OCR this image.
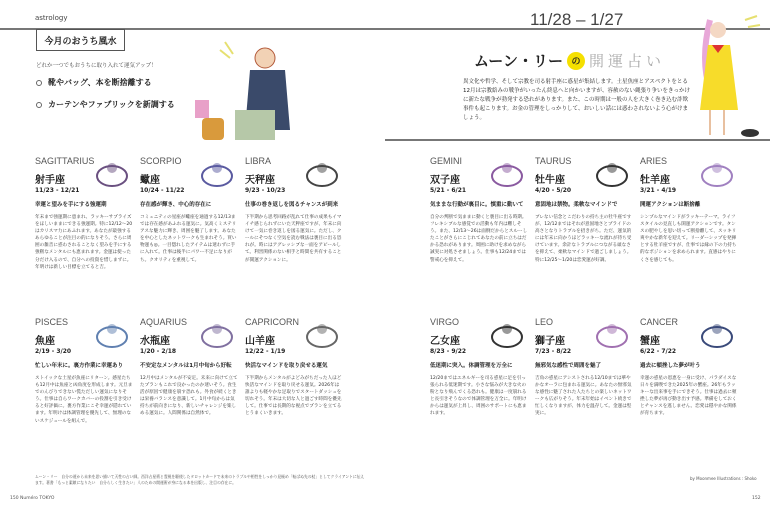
astrology
今月のおうち風水
どれか一つでもおうちに取り入れて運気アップ！
靴やバッグ、本を断捨離する
カーテンやファブリックを新調する
11/28 – 1/27
ムーン・リー の 開運占い
異文化や哲学、そして宗教を司る射手座に惑星が集結します。土星魚座とアスペクトをとる12月は宗教絡みの戦争がいったん終息へと向かいますが、容赦のない縄張り争いをきっかけに新たな戦争が勃発する恐れがあります。また、この時期は一般の人を大きく巻き込む詐欺事件も起こります。お金の管理をしっかりして、おいしい話には惑わされないよう心がけましょう。
SAGITTARIUS
射手座
11/23 - 12/21
幸運と望みを手にする強運期
年末まで強運期に恵まれ、ラッキーサプライズをほしいままにできる強運期。特に12/12〜20はカリスマ力にあふれます。あなたが最強するあらゆることが注目の的になりそう。さらに周囲の雑音に惑わされることなく望みを手にする強靭なメンタルにも恵まれます。金運は使った分だけ入るので、自分への投資を惜しまずに。年明けは新しい目標を立てると吉。
SCORPIO
蠍座
10/24 - 11/22
存在感が輝き、中心的存在に
コミュニティの星座が蠍座を通過する12/13までは存在感があふれる運気に。気高くミステリアスな魅力に輝き、周囲を魅了します。あなたを中心としたネットワークも生まれそう。買い物運も◎。一目惚れしたアイテムは迷わずに手に入れて。仕事は後半にパワー不足になりがち。クオリティを重視して。
LIBRA
天秤座
9/23 - 10/23
仕事の巻き返しを図るチャンスが到来
下半期から思考回路が乱れて仕事の成果もイマイチ感じられずにいた天秤座ですが、年末に向けて一気に巻き返しを図る運気に。ただし、クールにそつなく空気を読む戦法は裏目に出る恐れが。時にはアグレッシブな一面をアピールして。利害関係のない相手と時間を共有することが開運アクションに。
GEMINI
双子座
5/21 - 6/21
気ままな行動が裏目に。慎重に動いて
自分の判断で気ままに動くと裏目に出る時期。フレキシブルな感覚での活動も年内は難しそう。また、12/13〜26は面倒だからとスルーしたことがさらにこじれてあなたの前に立ちはだかる恐れがあります。周囲に助けを求めながら誠実に対処させましょう。仕事も12/24までは警戒心を抑えて。
TAURUS
牡牛座
4/20 - 5/20
意固地は禁物。柔軟なマインドで
ブレない信念とこだわりの持ち主の牡牛座ですが、12/12まではそれが意固地さとプライドの高さとなりトラブルを招きがち。ただ、運気的には年末に向かうほどラッキーな流れが待ち受けています。余計なトラブルにつながる頑なさを抑えて、柔軟なマインドで過ごしましょう。特に12/25〜1/20は恋愛運が好調。
ARIES
牡羊座
3/21 - 4/19
開運アクションは断捨離
シンプルなマインドがラッキーテーマ。ライフスタイルの見直しも開運アクションです。タンスの肥やしを思い切って断捨離して、スッキリ爽やかな新年を迎えて。リーダーシップを発揮とする牡羊座ですが、仕事では縁の下の力持ち的なポジションを求められます。直感はやりにくさを感じても。
PISCES
魚座
2/19 - 3/20
忙しい年末に。裏方作業に幸運あり
ストイックな土星が魚座にリターン。感星たちも12月中は魚座と凶角度を形成します。元旦までのんびりできない慌ただしい運気になりそう。仕事は自らワークカバーの役割を引き受けると好評価に。裏方作業にこそ幸運が隠れています。年明けは体調管理を優先して、無理のないスケジュールを組んで。
AQUARIUS
水瓶座
1/20 - 2/18
不安定なメンタルは1月中旬から好転
12月中はメンタルが不安定。未来に向けて立てたプランもこれで良かったのか迷いそう。食生活が原因で健康を崩す恐れも。外食が続くときは栄養バランスを意識して。1月中旬からは気持ちが前向きになり、新しいチャレンジを楽しめる運気に。人間関係は自然体で。
CAPRICORN
山羊座
12/22 - 1/19
快活なマインドを取り戻せる運気
下半期からメンタルがよどみがちだった人ほど快活なマインドを取り戻せる運気。2026年は誰よりも軽やかな足取りでスタートダッシュを切れそう。年末は大切な人と過ごす時間を優先して。仕事では長期的な視点でプランを立てるとうまくいきます。
VIRGO
乙女座
8/23 - 9/22
低迷期に突入。体調管理を万全に
12/20まではエネルギーを司る惑星に足を引っ張られる低迷期です。小さな悩みが大きな火の粉となり飛んでくる恐れも。健康は一度崩れると長引きそうなので体調管理を万全に。年明けからは運気が上昇し、周囲のサポートにも恵まれます。
LEO
獅子座
7/23 - 8/22
無邪気な感性で周囲を魅了
吉角の惑星にアシストされる12/10までは華やかなオーラに包まれる運気に。あなたの無邪気な感性に魅了された人たちとの楽しいネットワークも広がりそう。年末年始はイベント続きで忙しくなりますが、体力を温存して。金運は堅実に。
CANCER
蟹座
6/22 - 7/22
過去に頓挫した夢が叶う
幸運の惑星の恩恵を一身に受け、パラダイスな日々を満喫できた2025年の蟹座。26年もラッキーな出来事を手にできそう。仕事は過去に頓挫した夢が再び動き出す予感。準備をしておくとチャンスを逃しません。恋愛は穏やかな関係が育ちます。
ムーン・リー　自分の道から未来を思い描いて天性の占い師。西洋占星術と霊視を駆使したタロットカードで未来のトラブルや相性をしっかり見極め「転ばぬ先の杖」としてクライアントに伝えます。著書「もっと素敵になりたい　自分らしく生きたい」人のための開運術が身になる本を出版し、注目の存在に。
by Moonmee Illustrations : Shoko
150 Numéro TOKYO	152
